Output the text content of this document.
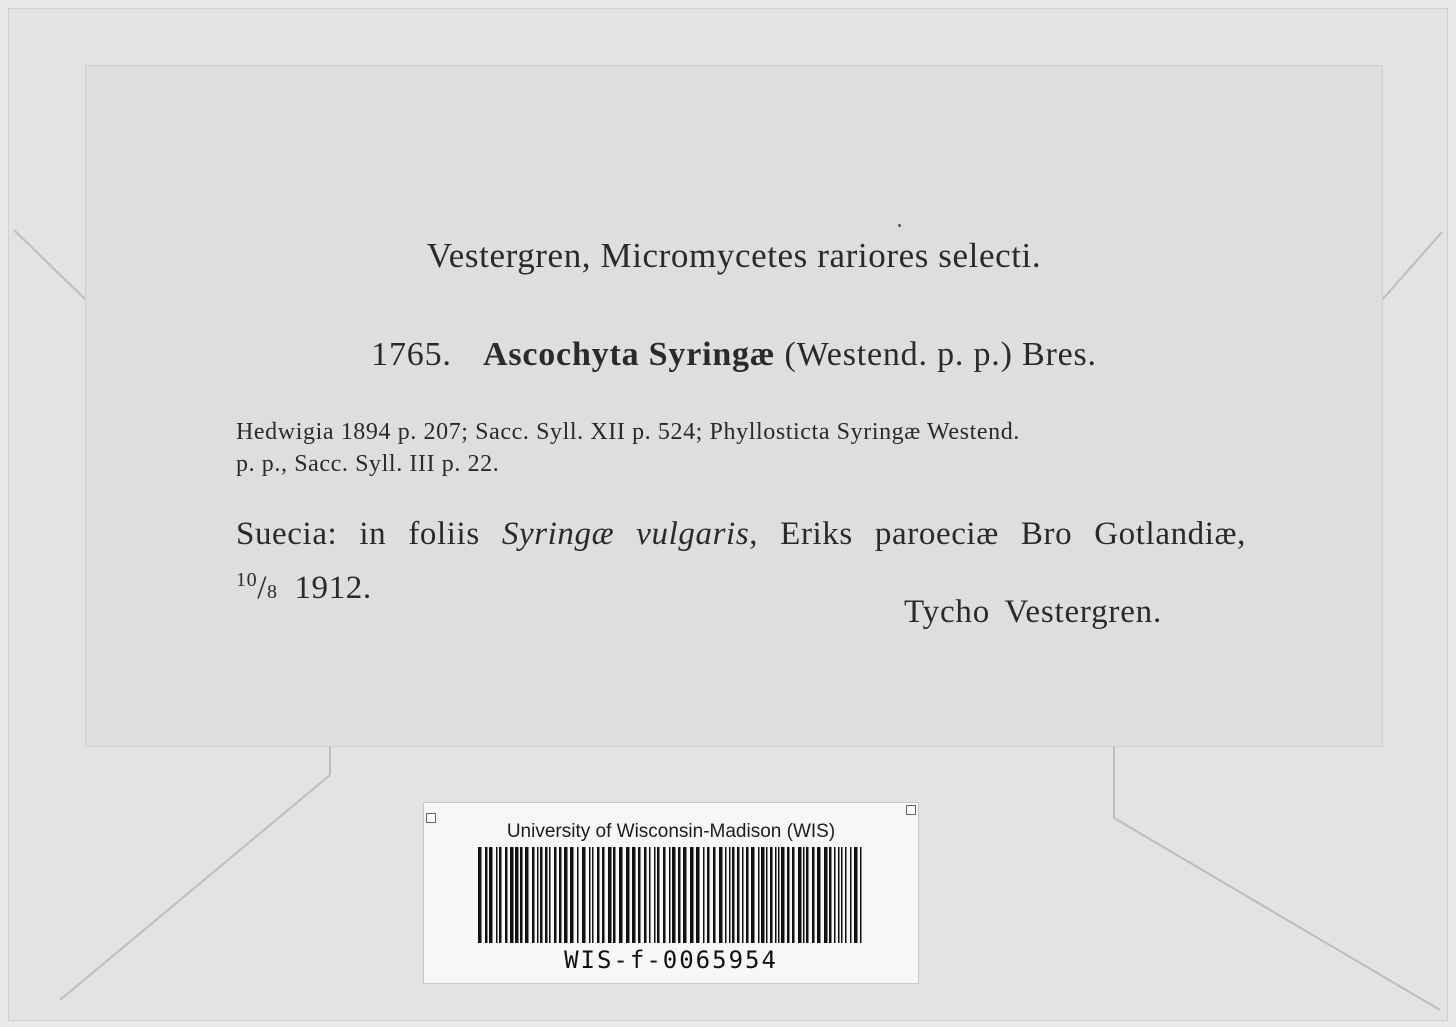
Vestergren, Micromycetes rariores selecti.
1765. Ascochyta Syringæ (Westend. p. p.) Bres.
Hedwigia 1894 p. 207; Sacc. Syll. XII p. 524; Phyllosticta Syringæ Westend.
p. p., Sacc. Syll. III p. 22.
Suecia: in foliis Syringæ vulgaris, Eriks paroeciæ Bro Gotlandiæ, $^{10}$/8 1912.
Tycho Vestergren.
University of Wisconsin-Madison (WIS)
WIS-f-0065954
